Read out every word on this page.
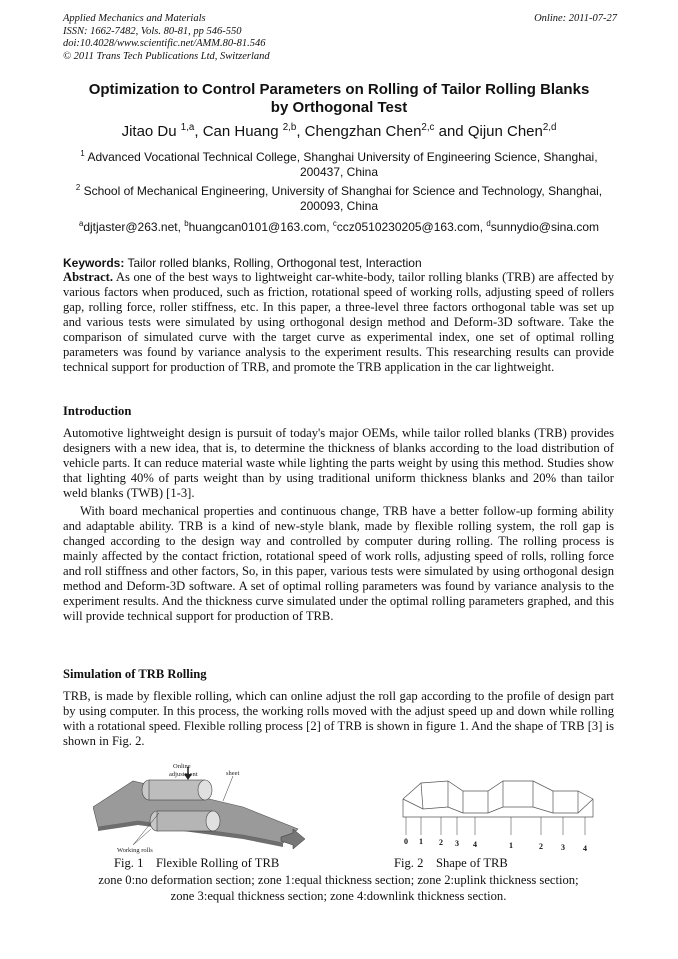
Applied Mechanics and Materials
ISSN: 1662-7482, Vols. 80-81, pp 546-550
doi:10.4028/www.scientific.net/AMM.80-81.546
© 2011 Trans Tech Publications Ltd, Switzerland
Online: 2011-07-27
Optimization to Control Parameters on Rolling of Tailor Rolling Blanks
by Orthogonal Test
Jitao Du $^{1,a}$, Can Huang $^{2,b}$, Chengzhan Chen$^{2,c}$ and Qijun Chen$^{2,d}$
$^1$ Advanced Vocational Technical College, Shanghai University of Engineering Science, Shanghai,
200437, China
$^2$ School of Mechanical Engineering, University of Shanghai for Science and Technology, Shanghai,
200093, China
$^a$djtjaster@263.net, $^b$huangcan0101@163.com, $^c$ccz0510230205@163.com, $^d$sunnydio@sina.com
Keywords: Tailor rolled blanks, Rolling, Orthogonal test, Interaction
Abstract. As one of the best ways to lightweight car-white-body, tailor rolling blanks (TRB) are affected by various factors when produced, such as friction, rotational speed of working rolls, adjusting speed of rollers gap, rolling force, roller stiffness, etc. In this paper, a three-level three factors orthogonal table was set up and various tests were simulated by using orthogonal design method and Deform-3D software. Take the comparison of simulated curve with the target curve as experimental index, one set of optimal rolling parameters was found by variance analysis to the experiment results. This researching results can provide technical support for production of TRB, and promote the TRB application in the car lightweight.
Introduction
Automotive lightweight design is pursuit of today's major OEMs, while tailor rolled blanks (TRB) provides designers with a new idea, that is, to determine the thickness of blanks according to the load distribution of vehicle parts. It can reduce material waste while lighting the parts weight by using this method. Studies show that lighting 40% of parts weight than by using traditional uniform thickness blanks and 20% than tailor weld blanks (TWB) [1-3].
With board mechanical properties and continuous change, TRB have a better follow-up forming ability and adaptable ability. TRB is a kind of new-style blank, made by flexible rolling system, the roll gap is changed according to the design way and controlled by computer during rolling. The rolling process is mainly affected by the contact friction, rotational speed of work rolls, adjusting speed of rolls, rolling force and roll stiffness and other factors, So, in this paper, various tests were simulated by using orthogonal design method and Deform-3D software. A set of optimal rolling parameters was found by variance analysis to the experiment results. And the thickness curve simulated under the optimal rolling parameters graphed, and this will provide technical support for production of TRB.
Simulation of TRB Rolling
TRB, is made by flexible rolling, which can online adjust the roll gap according to the profile of design part by using computer. In this process, the working rolls moved with the adjust speed up and down while rolling with a rotational speed. Flexible rolling process [2] of TRB is shown in figure 1. And the shape of TRB [3] is shown in Fig. 2.
Online
adjustment	sheet
Working rolls
0 1 2 3 4	1	2 3 4
Fig. 1    Flexible Rolling of TRB	Fig. 2    Shape of TRB
zone 0:no deformation section; zone 1:equal thickness section; zone 2:uplink thickness section;
zone 3:equal thickness section; zone 4:downlink thickness section.
